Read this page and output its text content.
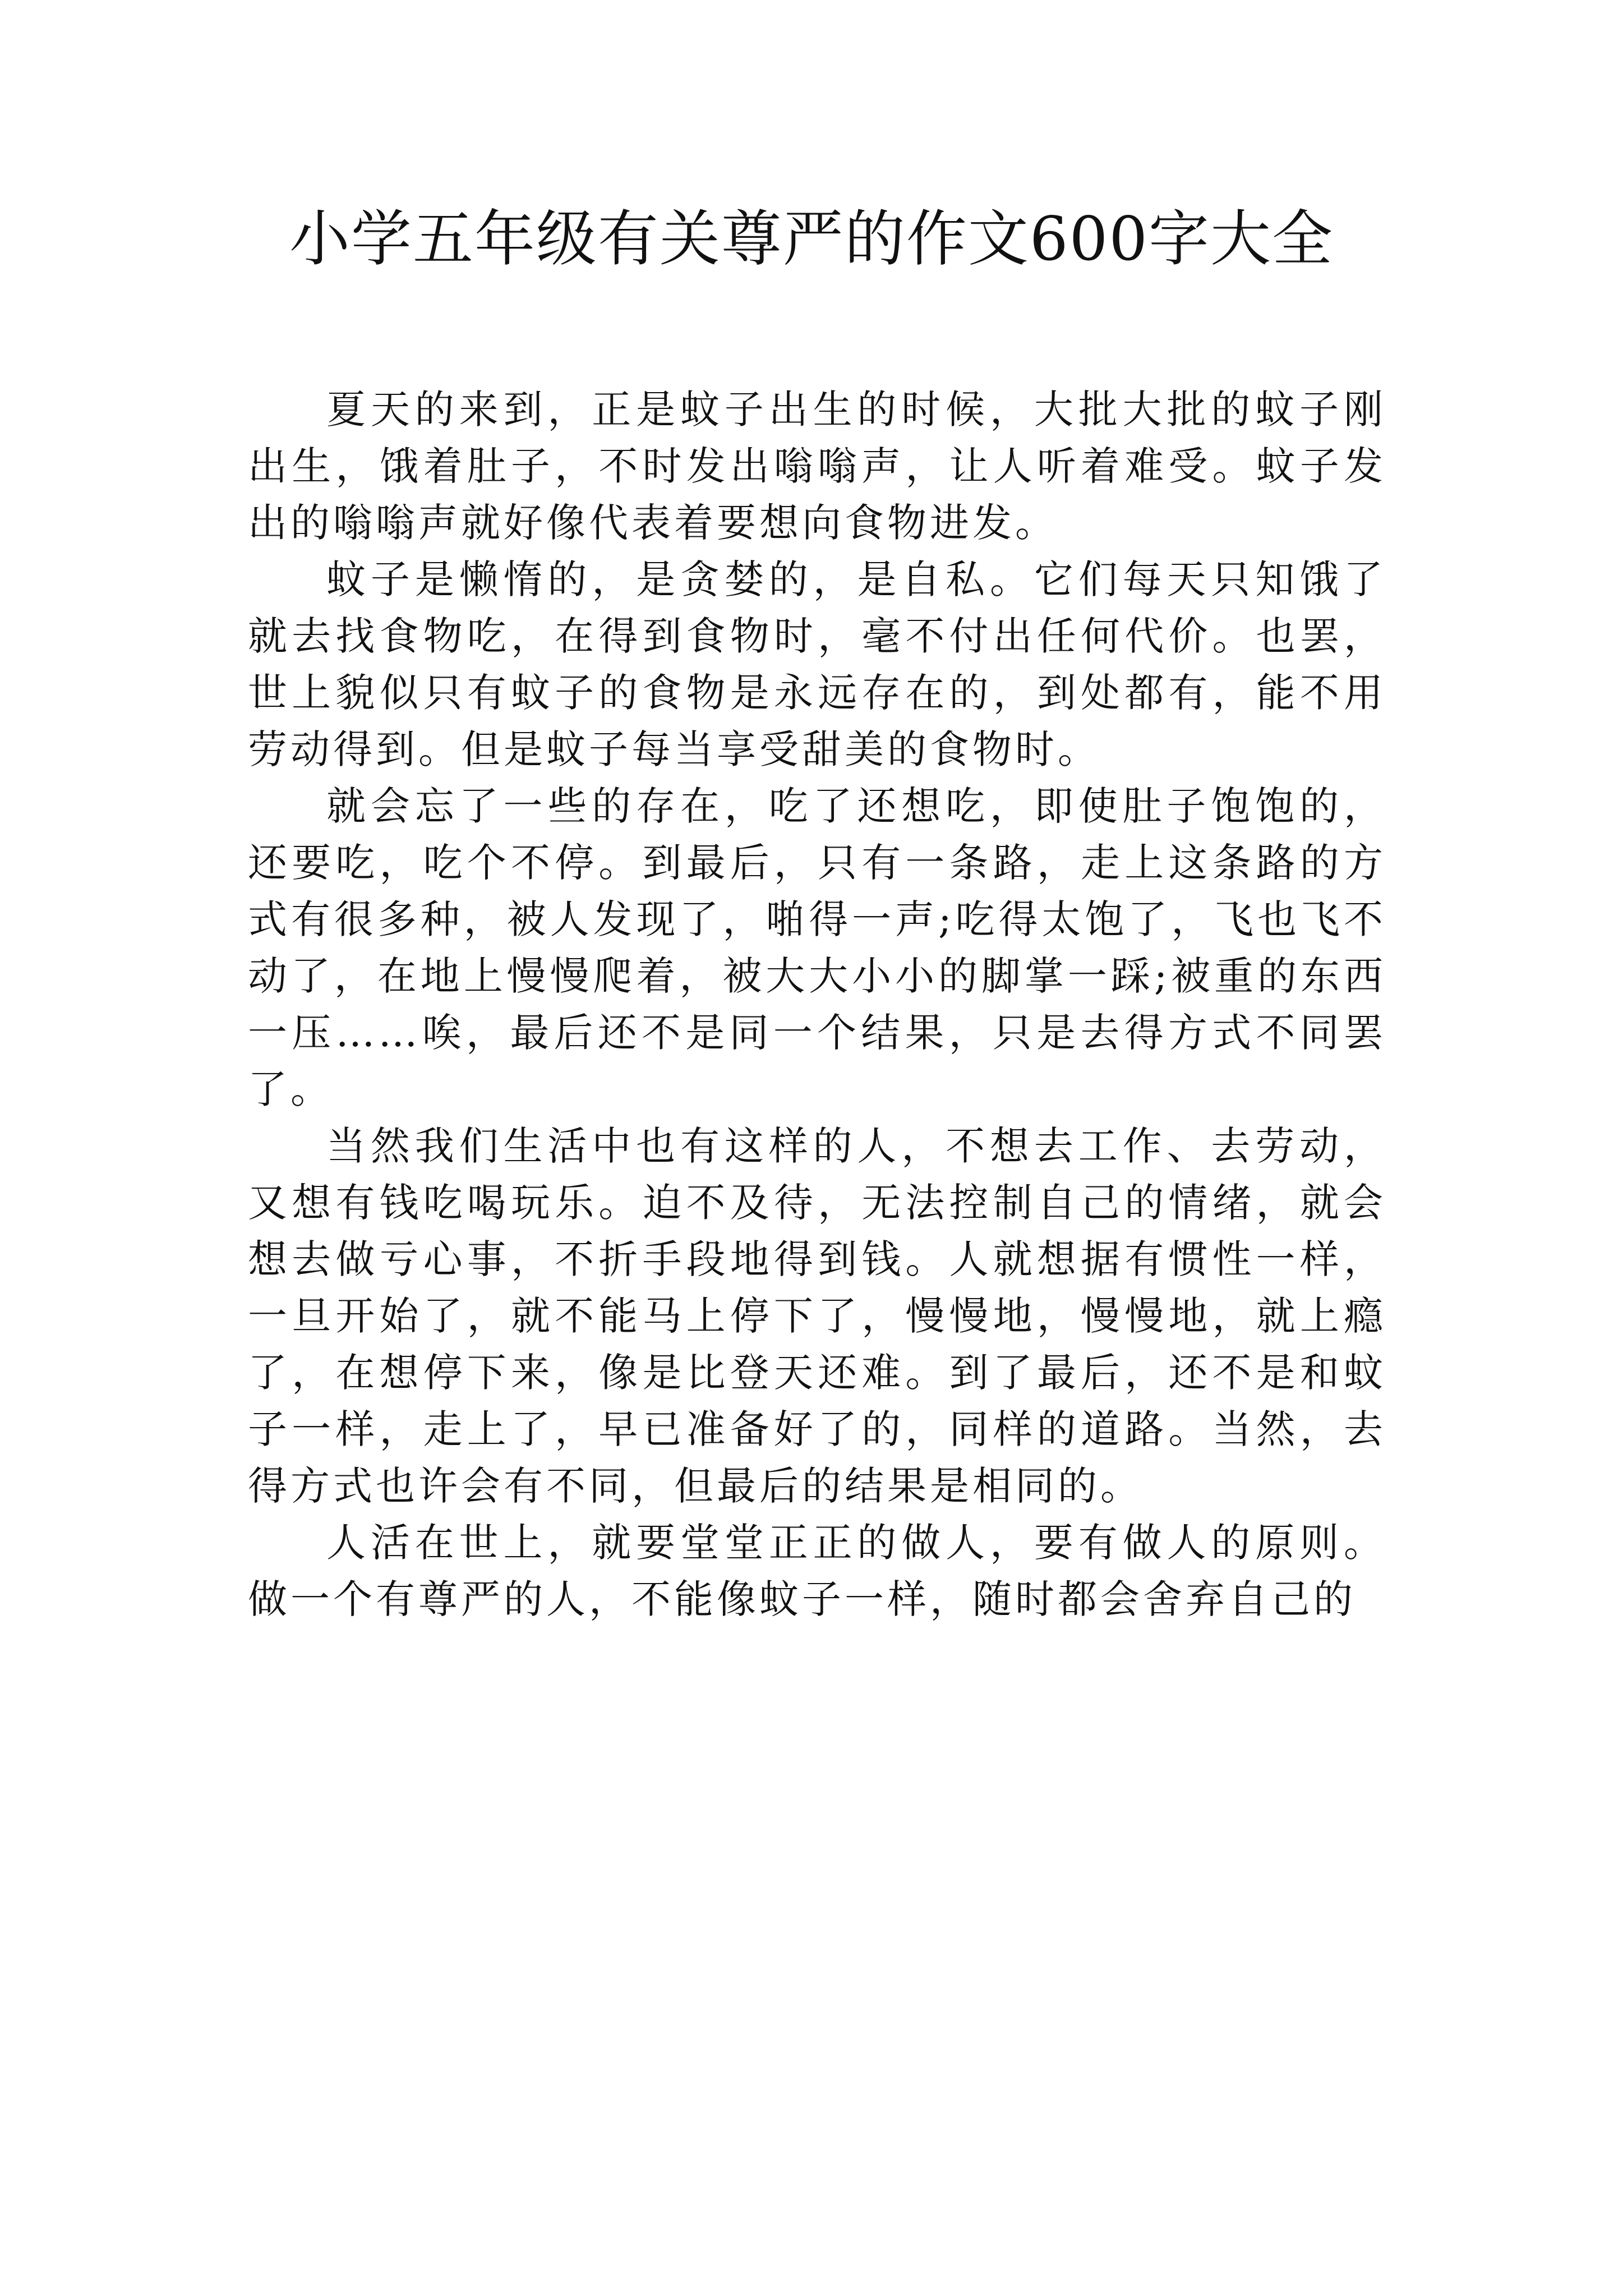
小学五年级有关尊严的作文600字大全

夏天的来到，正是蚊子出生的时候，大批大批的蚊子刚出生，饿着肚子，不时发出嗡嗡声，让人听着难受。蚊子发出的嗡嗡声就好像代表着要想向食物进发。

蚊子是懒惰的，是贪婪的，是自私。它们每天只知饿了就去找食物吃，在得到食物时，毫不付出任何代价。也罢，世上貌似只有蚊子的食物是永远存在的，到处都有，能不用劳动得到。但是蚊子每当享受甜美的食物时。

就会忘了一些的存在，吃了还想吃，即使肚子饱饱的，还要吃，吃个不停。到最后，只有一条路，走上这条路的方式有很多种，被人发现了，啪得一声;吃得太饱了，飞也飞不动了，在地上慢慢爬着，被大大小小的脚掌一踩;被重的东西一压……唉，最后还不是同一个结果，只是去得方式不同罢了。

当然我们生活中也有这样的人，不想去工作、去劳动，又想有钱吃喝玩乐。迫不及待，无法控制自己的情绪，就会想去做亏心事，不折手段地得到钱。人就想据有惯性一样，一旦开始了，就不能马上停下了，慢慢地，慢慢地，就上瘾了，在想停下来，像是比登天还难。到了最后，还不是和蚊子一样，走上了，早已准备好了的，同样的道路。当然，去得方式也许会有不同，但最后的结果是相同的。

人活在世上，就要堂堂正正的做人，要有做人的原则。做一个有尊严的人，不能像蚊子一样，随时都会舍弃自己的
